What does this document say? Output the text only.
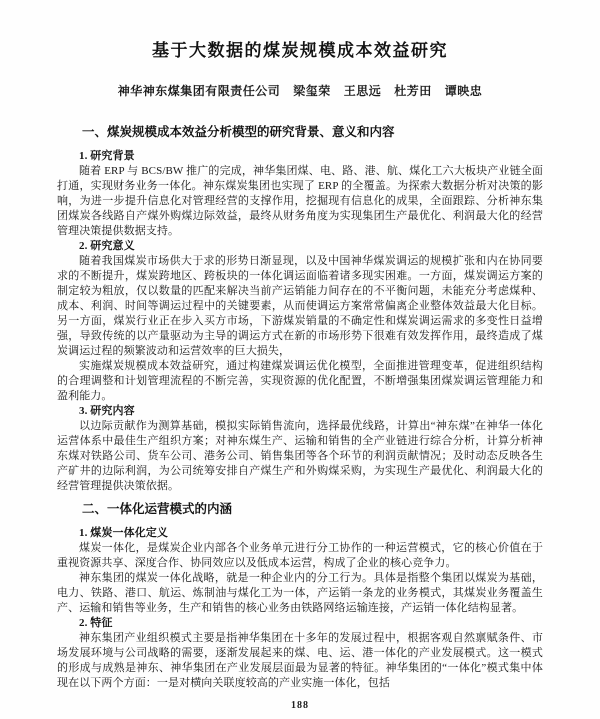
基于大数据的煤炭规模成本效益研究
神华神东煤集团有限责任公司 梁玺荣 王思远 杜芳田 谭映忠
一、煤炭规模成本效益分析模型的研究背景、意义和内容

1. 研究背景

随着 ERP 与 BCS/BW 推广的完成，神华集团煤、电、路、港、航、煤化工六大板块产业链全面打通，实现财务业务一体化。神东煤炭集团也实现了 ERP 的全覆盖。为探索大数据分析对决策的影响，为进一步提升信息化对管理经营的支撑作用，挖掘现有信息化的成果，全面跟踪、分析神东集团煤炭各线路自产煤外购煤边际效益，最终从财务角度为实现集团生产最优化、利润最大化的经营管理决策提供数据支持。

2. 研究意义

随着我国煤炭市场供大于求的形势日渐显现，以及中国神华煤炭调运的规模扩张和内在协同要求的不断提升，煤炭跨地区、跨板块的一体化调运面临着诸多现实困难。一方面，煤炭调运方案的制定较为粗放，仅以数量的匹配来解决当前产运销能力间存在的不平衡问题，未能充分考虑煤种、成本、利润、时间等调运过程中的关键要素，从而使调运方案常常偏离企业整体效益最大化目标。另一方面，煤炭行业正在步入买方市场，下游煤炭销量的不确定性和煤炭调运需求的多变性日益增强，导致传统的以产量驱动为主导的调运方式在新的市场形势下很难有效发挥作用，最终造成了煤炭调运过程的频繁波动和运营效率的巨大损失，

实施煤炭规模成本效益研究，通过构建煤炭调运优化模型，全面推进管理变革，促进组织结构的合理调整和计划管理流程的不断完善，实现资源的优化配置，不断增强集团煤炭调运管理能力和盈利能力。

3. 研究内容

以边际贡献作为测算基础，模拟实际销售流向，选择最优线路，计算出“神东煤”在神华一体化运营体系中最佳生产组织方案；对神东煤生产、运输和销售的全产业链进行综合分析，计算分析神东煤对铁路公司、货车公司、港务公司、销售集团等各个环节的利润贡献情况；及时动态反映各生产矿井的边际利润，为公司统筹安排自产煤生产和外购煤采购，为实现生产最优化、利润最大化的经营管理提供决策依据。

二、一体化运营模式的内涵

1. 煤炭一体化定义

煤炭一体化，是煤炭企业内部各个业务单元进行分工协作的一种运营模式，它的核心价值在于重视资源共享、深度合作、协同效应以及低成本运营，构成了企业的核心竞争力。

神东集团的煤炭一体化战略，就是一种企业内的分工行为。具体是指整个集团以煤炭为基础，电力、铁路、港口、航运、炼制油与煤化工为一体，产运销一条龙的业务模式，其煤炭业务覆盖生产、运输和销售等业务，生产和销售的核心业务由铁路网络运输连接，产运销一体化结构显著。

2. 特征

神东集团产业组织模式主要是指神华集团在十多年的发展过程中，根据客观自然禀赋条件、市场发展环境与公司战略的需要，逐渐发展起来的煤、电、运、港一体化的产业发展模式。这一模式的形成与成熟是神东、神华集团在产业发展层面最为显著的特征。神华集团的“一体化”模式集中体现在以下两个方面：一是对横向关联度较高的产业实施一体化，包括

188
